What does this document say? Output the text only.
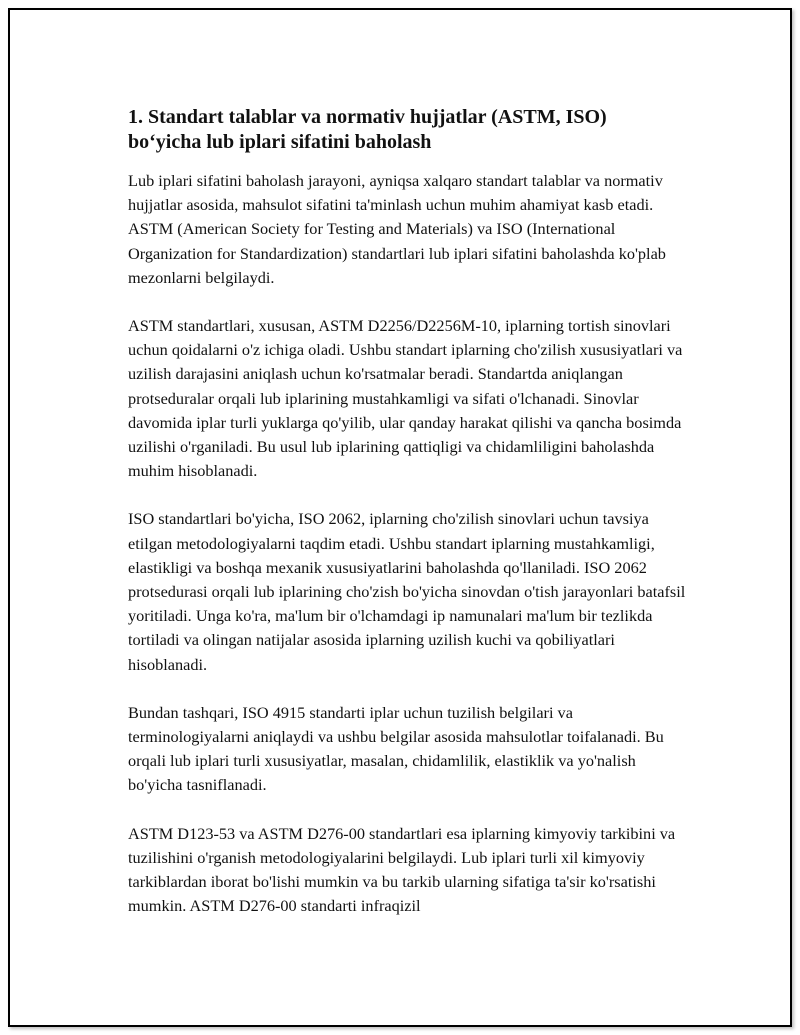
1. Standart talablar va normativ hujjatlar (ASTM, ISO)
bo‘yicha lub iplari sifatini baholash

Lub iplari sifatini baholash jarayoni, ayniqsa xalqaro standart talablar va normativ hujjatlar asosida, mahsulot sifatini ta'minlash uchun muhim ahamiyat kasb etadi. ASTM (American Society for Testing and Materials) va ISO (International Organization for Standardization) standartlari lub iplari sifatini baholashda ko'plab mezonlarni belgilaydi.

ASTM standartlari, xususan, ASTM D2256/D2256M-10, iplarning tortish sinovlari uchun qoidalarni o'z ichiga oladi. Ushbu standart iplarning cho'zilish xususiyatlari va uzilish darajasini aniqlash uchun ko'rsatmalar beradi. Standartda aniqlangan protseduralar orqali lub iplarining mustahkamligi va sifati o'lchanadi. Sinovlar davomida iplar turli yuklarga qo'yilib, ular qanday harakat qilishi va qancha bosimda uzilishi o'rganiladi. Bu usul lub iplarining qattiqligi va chidamliligini baholashda muhim hisoblanadi.

ISO standartlari bo'yicha, ISO 2062, iplarning cho'zilish sinovlari uchun tavsiya etilgan metodologiyalarni taqdim etadi. Ushbu standart iplarning mustahkamligi, elastikligi va boshqa mexanik xususiyatlarini baholashda qo'llaniladi. ISO 2062 protsedurasi orqali lub iplarining cho'zish bo'yicha sinovdan o'tish jarayonlari batafsil yoritiladi. Unga ko'ra, ma'lum bir o'lchamdagi ip namunalari ma'lum bir tezlikda tortiladi va olingan natijalar asosida iplarning uzilish kuchi va qobiliyatlari hisoblanadi.

Bundan tashqari, ISO 4915 standarti iplar uchun tuzilish belgilari va terminologiyalarni aniqlaydi va ushbu belgilar asosida mahsulotlar toifalanadi. Bu orqali lub iplari turli xususiyatlar, masalan, chidamlilik, elastiklik va yo'nalish bo'yicha tasniflanadi.

ASTM D123-53 va ASTM D276-00 standartlari esa iplarning kimyoviy tarkibini va tuzilishini o'rganish metodologiyalarini belgilaydi. Lub iplari turli xil kimyoviy tarkiblardan iborat bo'lishi mumkin va bu tarkib ularning sifatiga ta'sir ko'rsatishi mumkin. ASTM D276-00 standarti infraqizil
